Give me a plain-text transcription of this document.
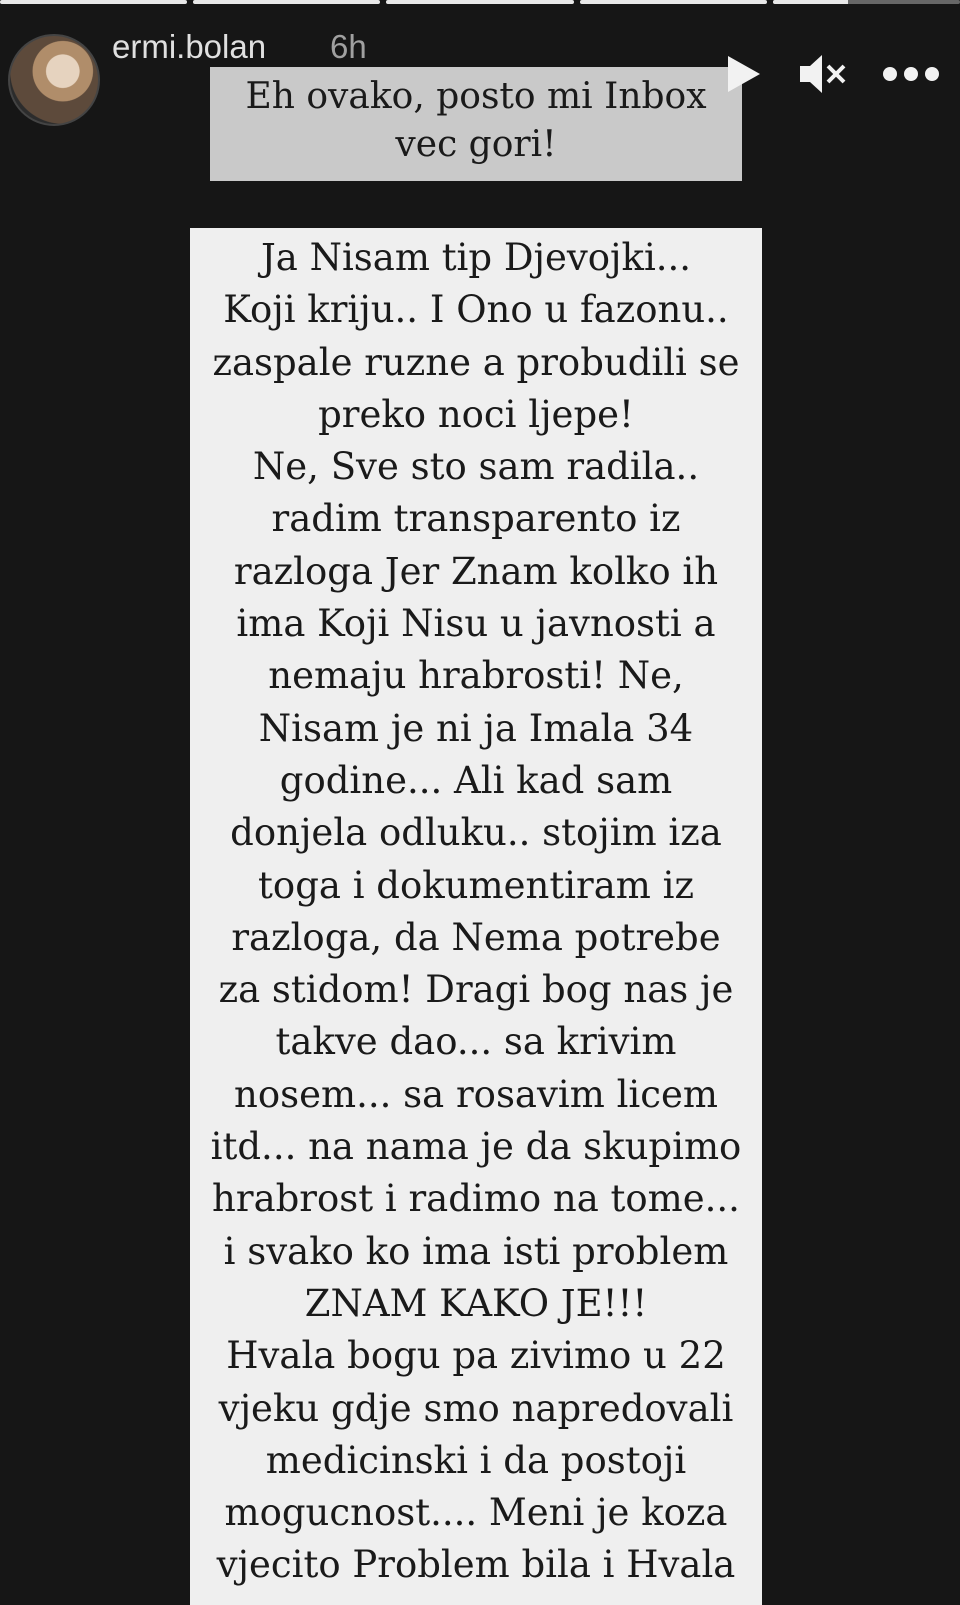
ermi.bolan 6h
Eh ovako, posto mi Inbox
vec gori!
Ja Nisam tip Djevojki...
Koji kriju.. I Ono u fazonu..
zaspale ruzne a probudili se
preko noci ljepe!
Ne, Sve sto sam radila..
radim transparento iz
razloga Jer Znam kolko ih
ima Koji Nisu u javnosti a
nemaju hrabrosti! Ne,
Nisam je ni ja Imala 34
godine... Ali kad sam
donjela odluku.. stojim iza
toga i dokumentiram iz
razloga, da Nema potrebe
za stidom! Dragi bog nas je
takve dao... sa krivim
nosem... sa rosavim licem
itd... na nama je da skupimo
hrabrost i radimo na tome...
i svako ko ima isti problem
ZNAM KAKO JE!!!
Hvala bogu pa zivimo u 22
vjeku gdje smo napredovali
medicinski i da postoji
mogucnost.... Meni je koza
vjecito Problem bila i Hvala
